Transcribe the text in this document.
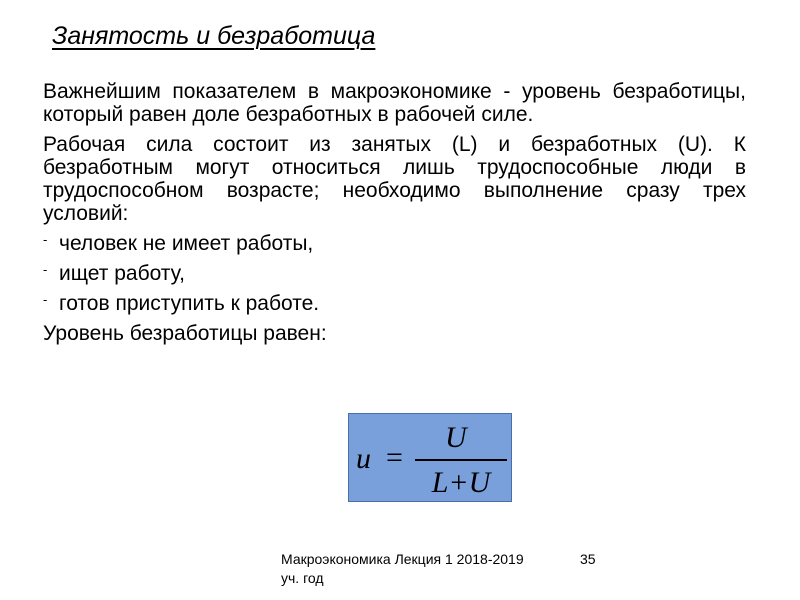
Занятость и безработица

Важнейшим показателем в макроэкономике - уровень безработицы, который равен доле безработных в рабочей силе.

Рабочая сила состоит из занятых (L) и безработных (U). К безработным могут относиться лишь трудоспособные люди в трудоспособном возрасте; необходимо выполнение сразу трех условий:

- человек не имеет работы,
- ищет работу,
- готов приступить к работе.

Уровень безработицы равен:

u =
U
L+U
Макроэкономика Лекция 1 2018-2019 уч. год
35
